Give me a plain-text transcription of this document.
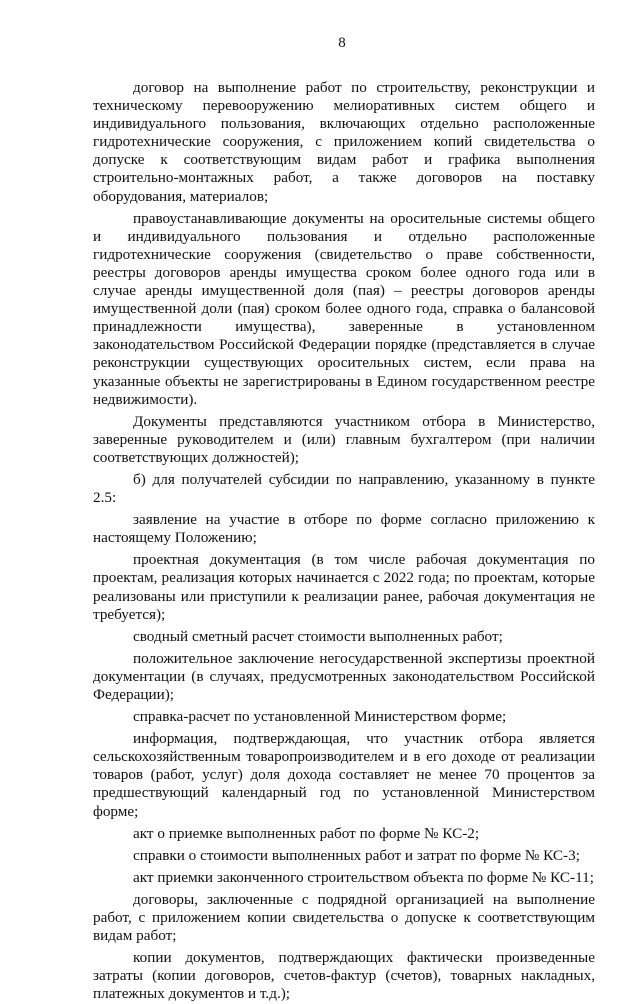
8

договор на выполнение работ по строительству, реконструкции и техническому перевооружению мелиоративных систем общего и индивидуального пользования, включающих отдельно расположенные гидротехнические сооружения, с приложением копий свидетельства о допуске к соответствующим видам работ и графика выполнения строительно-монтажных работ, а также договоров на поставку оборудования, материалов;

правоустанавливающие документы на оросительные системы общего и индивидуального пользования и отдельно расположенные гидротехнические сооружения (свидетельство о праве собственности, реестры договоров аренды имущества сроком более одного года или в случае аренды имущественной доля (пая) – реестры договоров аренды имущественной доли (пая) сроком более одного года, справка о балансовой принадлежности имущества), заверенные в установленном законодательством Российской Федерации порядке (представляется в случае реконструкции существующих оросительных систем, если права на указанные объекты не зарегистрированы в Едином государственном реестре недвижимости).

Документы представляются участником отбора в Министерство, заверенные руководителем и (или) главным бухгалтером (при наличии соответствующих должностей);

б) для получателей субсидии по направлению, указанному в пункте 2.5:

заявление на участие в отборе по форме согласно приложению к настоящему Положению;

проектная документация (в том числе рабочая документация по проектам, реализация которых начинается с 2022 года; по проектам, которые реализованы или приступили к реализации ранее, рабочая документация не требуется);

сводный сметный расчет стоимости выполненных работ;

положительное заключение негосударственной экспертизы проектной документации (в случаях, предусмотренных законодательством Российской Федерации);

справка-расчет по установленной Министерством форме;

информация, подтверждающая, что участник отбора является сельскохозяйственным товаропроизводителем и в его доходе от реализации товаров (работ, услуг) доля дохода составляет не менее 70 процентов за предшествующий календарный год по установленной Министерством форме;

акт о приемке выполненных работ по форме № КС-2;

справки о стоимости выполненных работ и затрат по форме № КС-3;

акт приемки законченного строительством объекта по форме № КС-11;

договоры, заключенные с подрядной организацией на выполнение работ, с приложением копии свидетельства о допуске к соответствующим видам работ;

копии документов, подтверждающих фактически произведенные затраты (копии договоров, счетов-фактур (счетов), товарных накладных, платежных документов и т.д.);
